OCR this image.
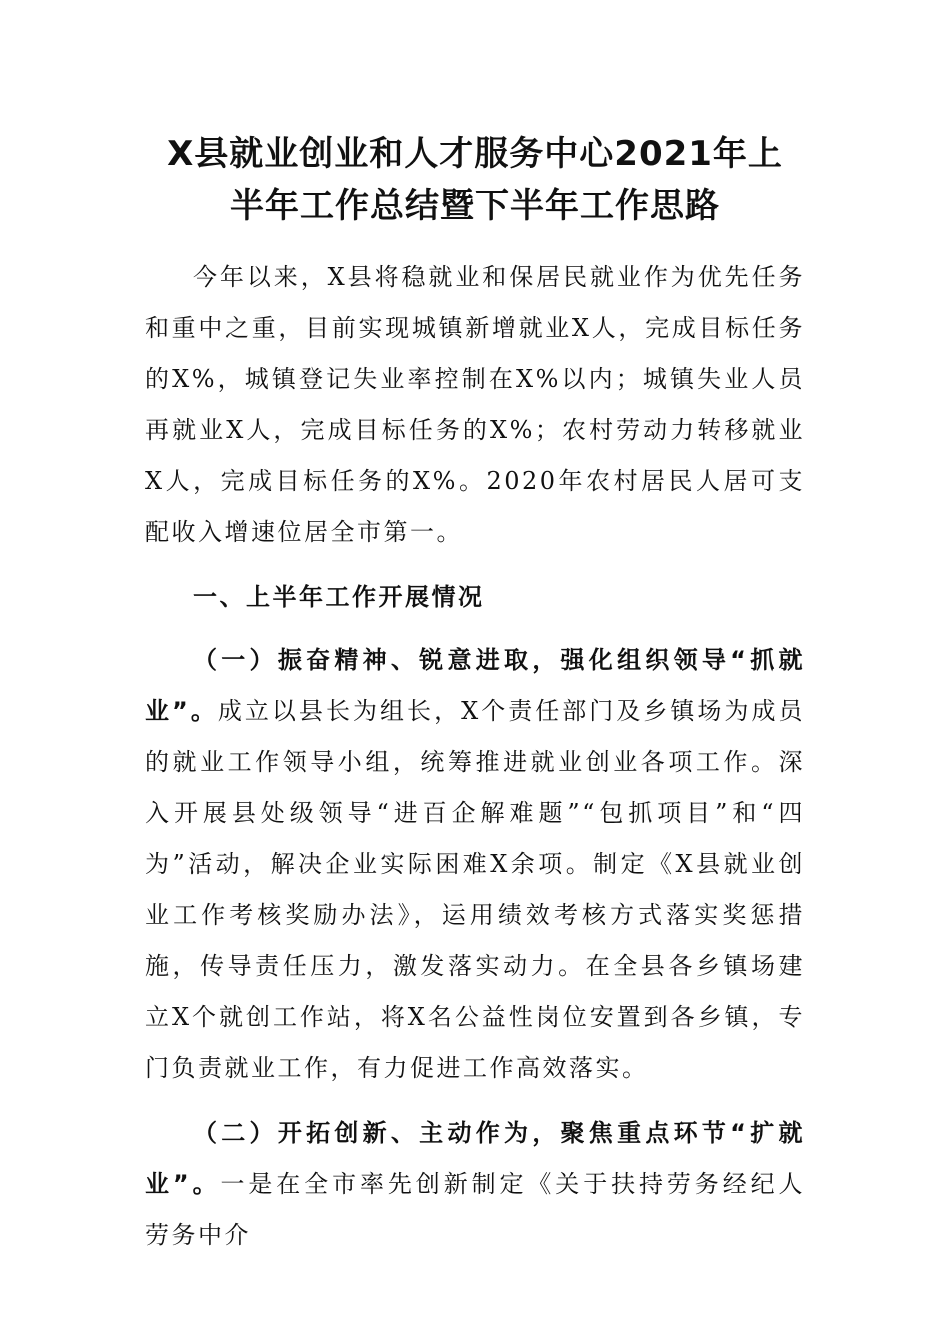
X县就业创业和人才服务中心2021年上
半年工作总结暨下半年工作思路

今年以来，X县将稳就业和保居民就业作为优先任务和重中之重，目前实现城镇新增就业X人，完成目标任务的X%，城镇登记失业率控制在X%以内；城镇失业人员再就业X人，完成目标任务的X%；农村劳动力转移就业X人，完成目标任务的X%。2020年农村居民人居可支配收入增速位居全市第一。

一、上半年工作开展情况

（一）振奋精神、锐意进取，强化组织领导“抓就业”。成立以县长为组长，X个责任部门及乡镇场为成员的就业工作领导小组，统筹推进就业创业各项工作。深入开展县处级领导“进百企解难题”“包抓项目”和“四为”活动，解决企业实际困难X余项。制定《X县就业创业工作考核奖励办法》，运用绩效考核方式落实奖惩措施，传导责任压力，激发落实动力。在全县各乡镇场建立X个就创工作站，将X名公益性岗位安置到各乡镇，专门负责就业工作，有力促进工作高效落实。

（二）开拓创新、主动作为，聚焦重点环节“扩就业”。一是在全市率先创新制定《关于扶持劳务经纪人 劳务中介
